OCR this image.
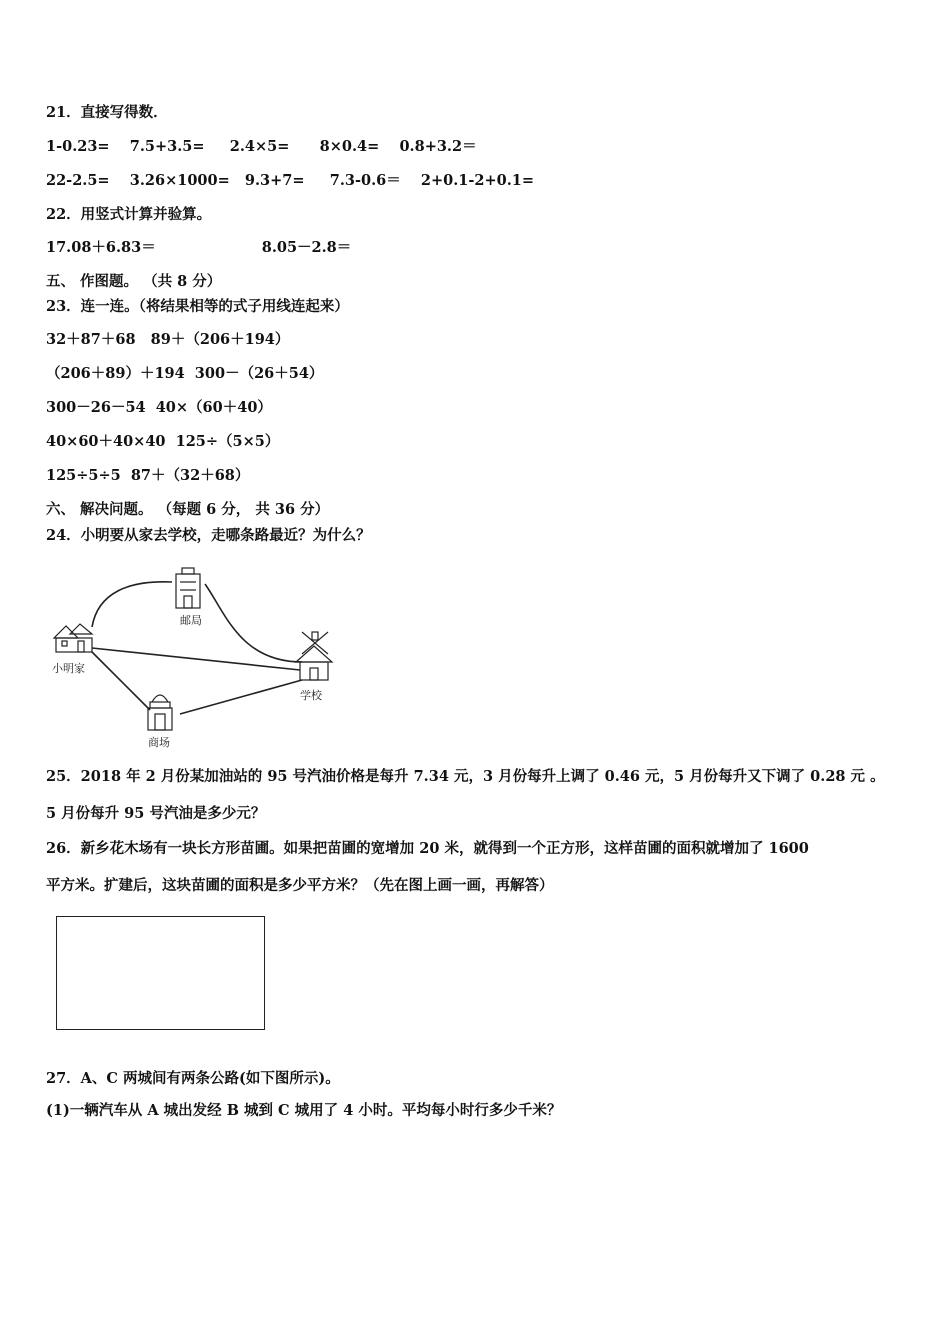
21．直接写得数．
1-0.23=    7.5+3.5=     2.4×5=      8×0.4=    0.8+3.2＝
22-2.5=    3.26×1000=   9.3+7=     7.3-0.6＝    2+0.1-2+0.1=
22．用竖式计算并验算。
17.08＋6.83＝                     8.05－2.8＝
五、 作图题。 （共 8 分）
23．连一连。（将结果相等的式子用线连起来）
32＋87＋68   89＋（206＋194）
（206＋89）＋194  300－（26＋54）
300－26－54  40×（60＋40）
40×60＋40×40  125÷（5×5）
125÷5÷5  87＋（32＋68）
六、 解决问题。 （每题 6 分， 共 36 分）
24．小明要从家去学校，走哪条路最近？为什么？
小明家
邮局
学校
商场
25．2018 年 2 月份某加油站的 95 号汽油价格是每升 7.34 元，3 月份每升上调了 0.46 元，5 月份每升又下调了 0.28 元 。
5 月份每升 95 号汽油是多少元？
26．新乡花木场有一块长方形苗圃。如果把苗圃的宽增加 20 米，就得到一个正方形，这样苗圃的面积就增加了 1600
平方米。扩建后，这块苗圃的面积是多少平方米？（先在图上画一画，再解答）
27．A、C 两城间有两条公路(如下图所示)。
(1)一辆汽车从 A 城出发经 B 城到 C 城用了 4 小时。平均每小时行多少千米？
